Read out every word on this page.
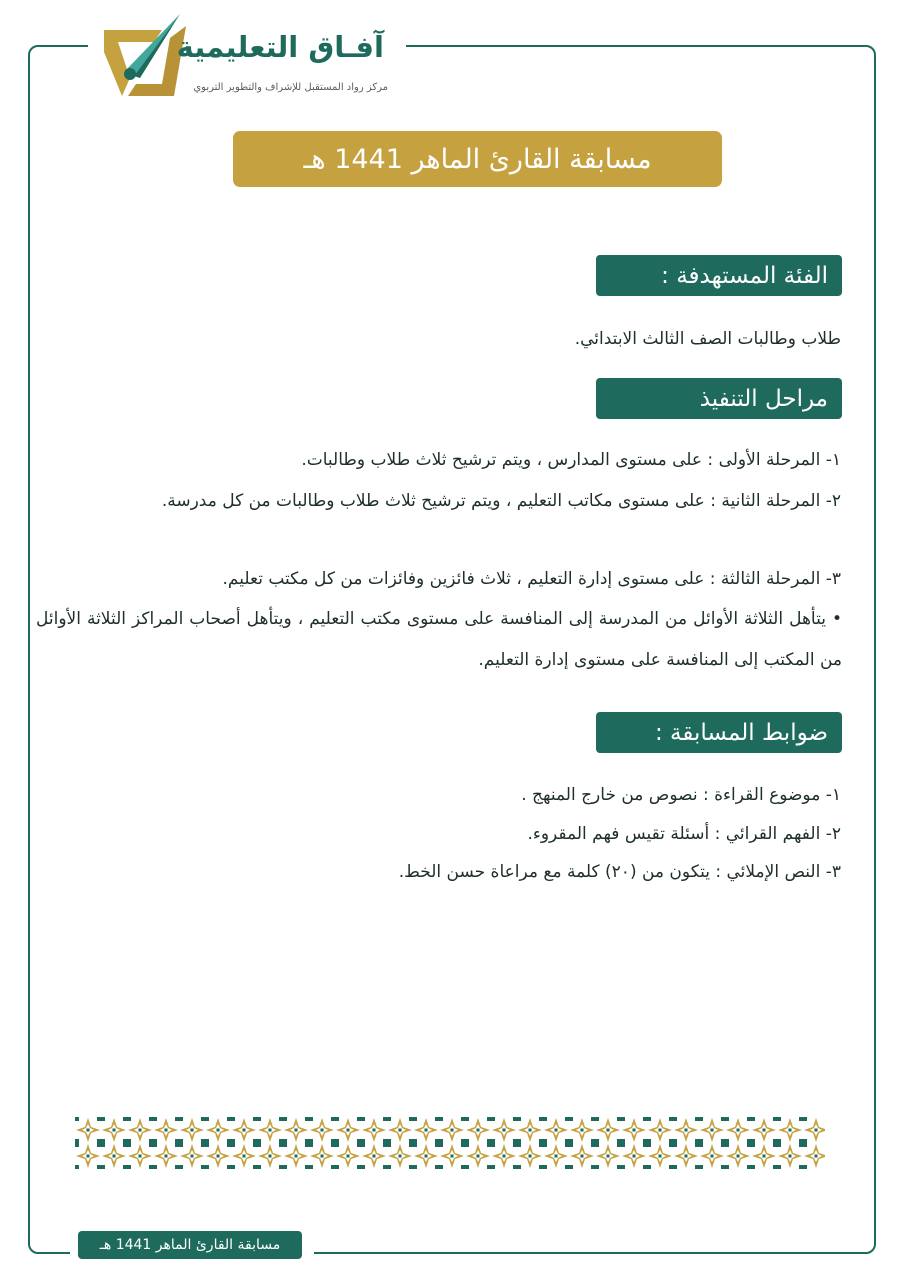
آفـاق التعليمية
مركز رواد المستقبل للإشراف والتطوير التربوي
مسابقة القارئ الماهر 1441 هـ
الفئة المستهدفة :
طلاب وطالبات الصف الثالث الابتدائي.
مراحل التنفيذ
١- المرحلة الأولى : على مستوى المدارس ، ويتم ترشيح ثلاث طلاب وطالبات.
٢- المرحلة الثانية : على مستوى مكاتب التعليم ، ويتم ترشيح ثلاث طلاب وطالبات من كل مدرسة.
٣- المرحلة الثالثة : على مستوى إدارة التعليم ، ثلاث فائزين وفائزات من كل مكتب تعليم.
• يتأهل الثلاثة الأوائل من المدرسة إلى المنافسة على مستوى مكتب التعليم ، ويتأهل أصحاب المراكز الثلاثة الأوائل من المكتب إلى المنافسة على مستوى إدارة التعليم.
ضوابط المسابقة :
١- موضوع القراءة : نصوص من خارج المنهج .
٢- الفهم القرائي : أسئلة تقيس فهم المقروء.
٣- النص الإملائي : يتكون من (٢٠) كلمة مع مراعاة حسن الخط.
مسابقة القارئ الماهر 1441 هـ
